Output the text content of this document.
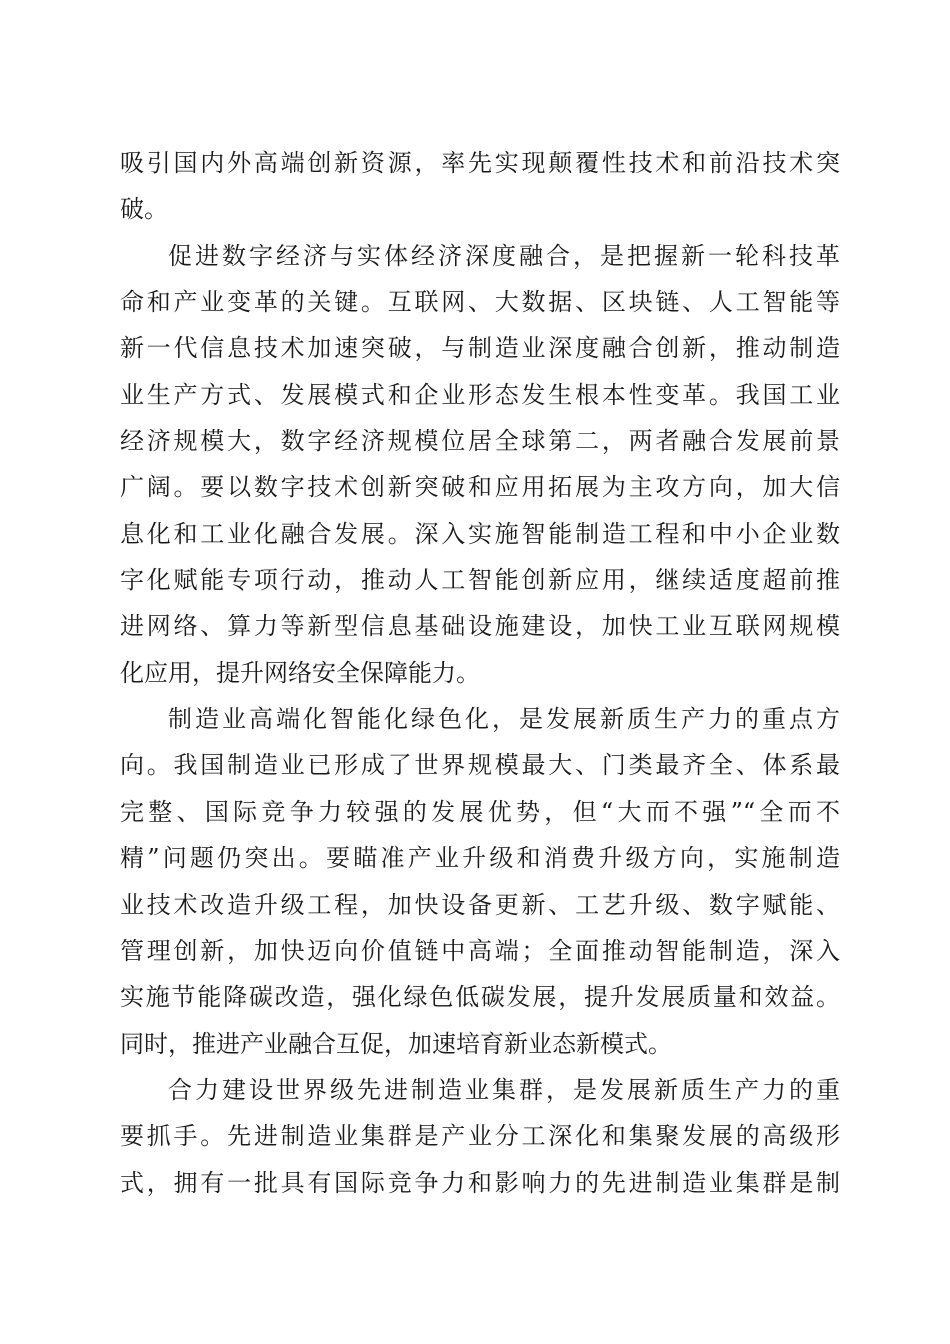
吸引国内外高端创新资源，率先实现颠覆性技术和前沿技术突
破。
促进数字经济与实体经济深度融合，是把握新一轮科技革
命和产业变革的关键。互联网、大数据、区块链、人工智能等
新一代信息技术加速突破，与制造业深度融合创新，推动制造
业生产方式、发展模式和企业形态发生根本性变革。我国工业
经济规模大，数字经济规模位居全球第二，两者融合发展前景
广阔。要以数字技术创新突破和应用拓展为主攻方向，加大信
息化和工业化融合发展。深入实施智能制造工程和中小企业数
字化赋能专项行动，推动人工智能创新应用，继续适度超前推
进网络、算力等新型信息基础设施建设，加快工业互联网规模
化应用，提升网络安全保障能力。
制造业高端化智能化绿色化，是发展新质生产力的重点方
向。我国制造业已形成了世界规模最大、门类最齐全、体系最
完整、国际竞争力较强的发展优势，但“大而不强”“全而不
精”问题仍突出。要瞄准产业升级和消费升级方向，实施制造
业技术改造升级工程，加快设备更新、工艺升级、数字赋能、
管理创新，加快迈向价值链中高端；全面推动智能制造，深入
实施节能降碳改造，强化绿色低碳发展，提升发展质量和效益。
同时，推进产业融合互促，加速培育新业态新模式。
合力建设世界级先进制造业集群，是发展新质生产力的重
要抓手。先进制造业集群是产业分工深化和集聚发展的高级形
式，拥有一批具有国际竞争力和影响力的先进制造业集群是制
